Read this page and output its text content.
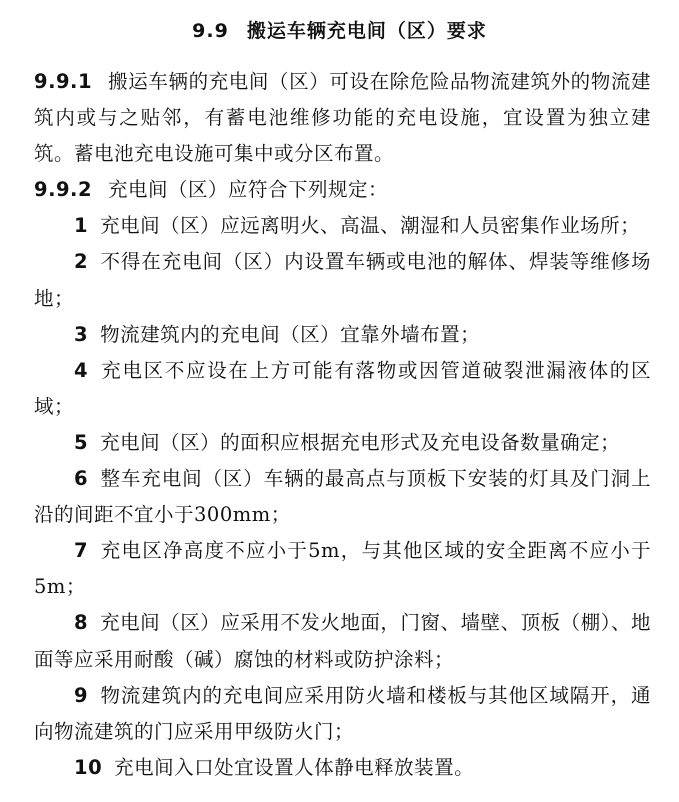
9.9 搬运车辆充电间（区）要求

9.9.1 搬运车辆的充电间（区）可设在除危险品物流建筑外的物流建筑内或与之贴邻，有蓄电池维修功能的充电设施，宜设置为独立建筑。蓄电池充电设施可集中或分区布置。

9.9.2 充电间（区）应符合下列规定：

1 充电间（区）应远离明火、高温、潮湿和人员密集作业场所；

2 不得在充电间（区）内设置车辆或电池的解体、焊装等维修场地；

3 物流建筑内的充电间（区）宜靠外墙布置；

4 充电区不应设在上方可能有落物或因管道破裂泄漏液体的区域；

5 充电间（区）的面积应根据充电形式及充电设备数量确定；

6 整车充电间（区）车辆的最高点与顶板下安装的灯具及门洞上沿的间距不宜小于300mm；

7 充电区净高度不应小于5m，与其他区域的安全距离不应小于5m；

8 充电间（区）应采用不发火地面，门窗、墙壁、顶板（棚）、地面等应采用耐酸（碱）腐蚀的材料或防护涂料；

9 物流建筑内的充电间应采用防火墙和楼板与其他区域隔开，通向物流建筑的门应采用甲级防火门；

10 充电间入口处宜设置人体静电释放装置。
